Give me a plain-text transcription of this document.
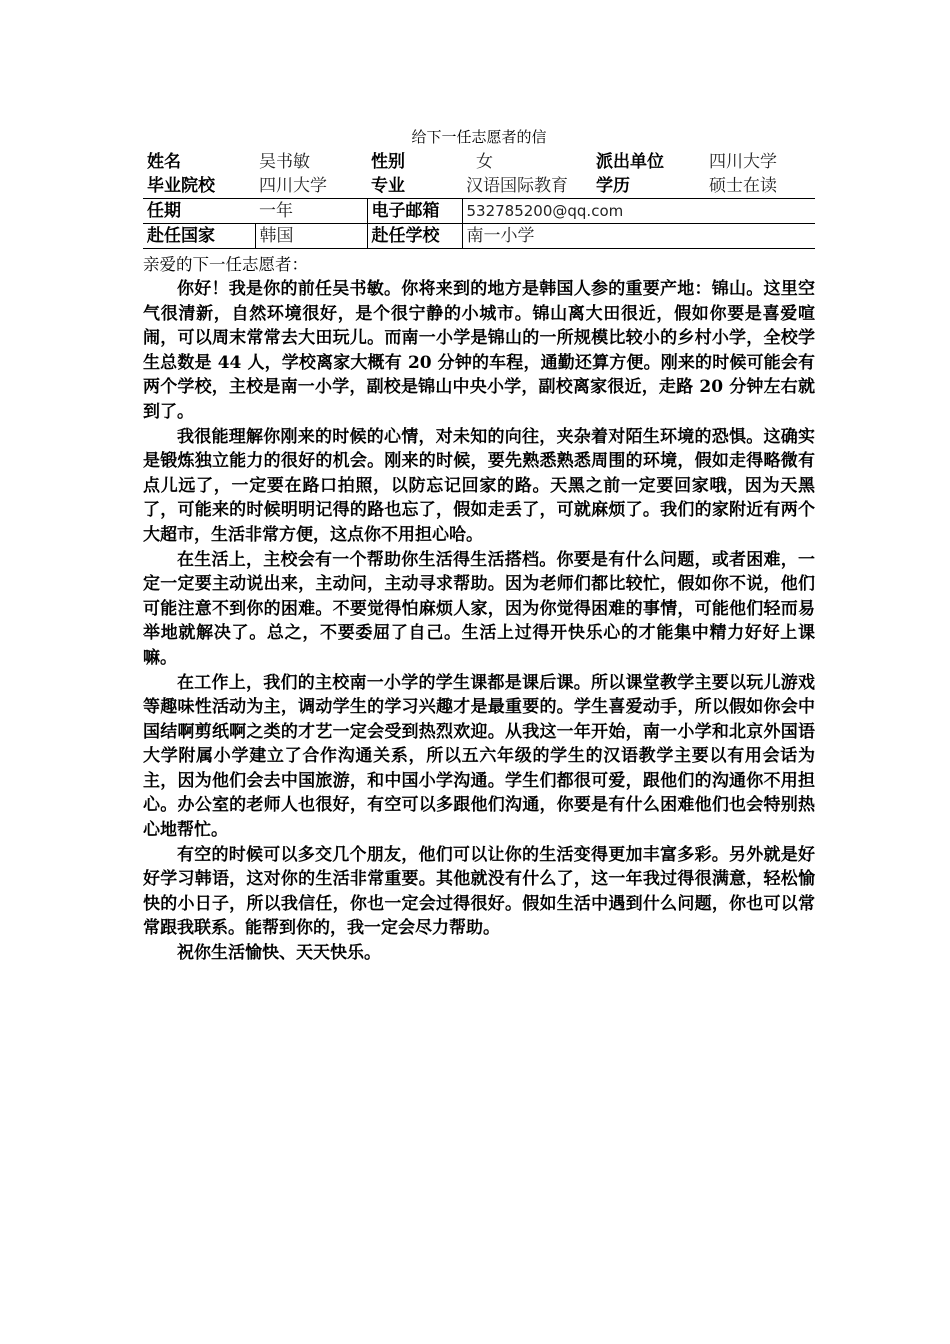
给下一任志愿者的信
姓名	吴书敏	性别	女	派出单位	四川大学
毕业院校	四川大学	专业	汉语国际教育	学历	硕士在读
任期	一年	电子邮箱	532785200@qq.com		
赴任国家	韩国	赴任学校	南一小学		
亲爱的下一任志愿者：

你好！我是你的前任吴书敏。你将来到的地方是韩国人参的重要产地：锦山。这里空气很清新，自然环境很好，是个很宁静的小城市。锦山离大田很近，假如你要是喜爱喧闹，可以周末常常去大田玩儿。而南一小学是锦山的一所规模比较小的乡村小学，全校学生总数是 44 人，学校离家大概有 20 分钟的车程，通勤还算方便。刚来的时候可能会有两个学校，主校是南一小学，副校是锦山中央小学，副校离家很近，走路 20 分钟左右就到了。

我很能理解你刚来的时候的心情，对未知的向往，夹杂着对陌生环境的恐惧。这确实是锻炼独立能力的很好的机会。刚来的时候，要先熟悉熟悉周围的环境，假如走得略微有点儿远了，一定要在路口拍照，以防忘记回家的路。天黑之前一定要回家哦，因为天黑了，可能来的时候明明记得的路也忘了，假如走丢了，可就麻烦了。我们的家附近有两个大超市，生活非常方便，这点你不用担心哈。

在生活上，主校会有一个帮助你生活得生活搭档。你要是有什么问题，或者困难，一定一定要主动说出来，主动问，主动寻求帮助。因为老师们都比较忙，假如你不说，他们可能注意不到你的困难。不要觉得怕麻烦人家，因为你觉得困难的事情，可能他们轻而易举地就解决了。总之，不要委屈了自己。生活上过得开快乐心的才能集中精力好好上课嘛。

在工作上，我们的主校南一小学的学生课都是课后课。所以课堂教学主要以玩儿游戏等趣味性活动为主，调动学生的学习兴趣才是最重要的。学生喜爱动手，所以假如你会中国结啊剪纸啊之类的才艺一定会受到热烈欢迎。从我这一年开始，南一小学和北京外国语大学附属小学建立了合作沟通关系，所以五六年级的学生的汉语教学主要以有用会话为主，因为他们会去中国旅游，和中国小学沟通。学生们都很可爱，跟他们的沟通你不用担心。办公室的老师人也很好，有空可以多跟他们沟通，你要是有什么困难他们也会特别热心地帮忙。

有空的时候可以多交几个朋友，他们可以让你的生活变得更加丰富多彩。另外就是好好学习韩语，这对你的生活非常重要。其他就没有什么了，这一年我过得很满意，轻松愉快的小日子，所以我信任，你也一定会过得很好。假如生活中遇到什么问题，你也可以常常跟我联系。能帮到你的，我一定会尽力帮助。

祝你生活愉快、天天快乐。
